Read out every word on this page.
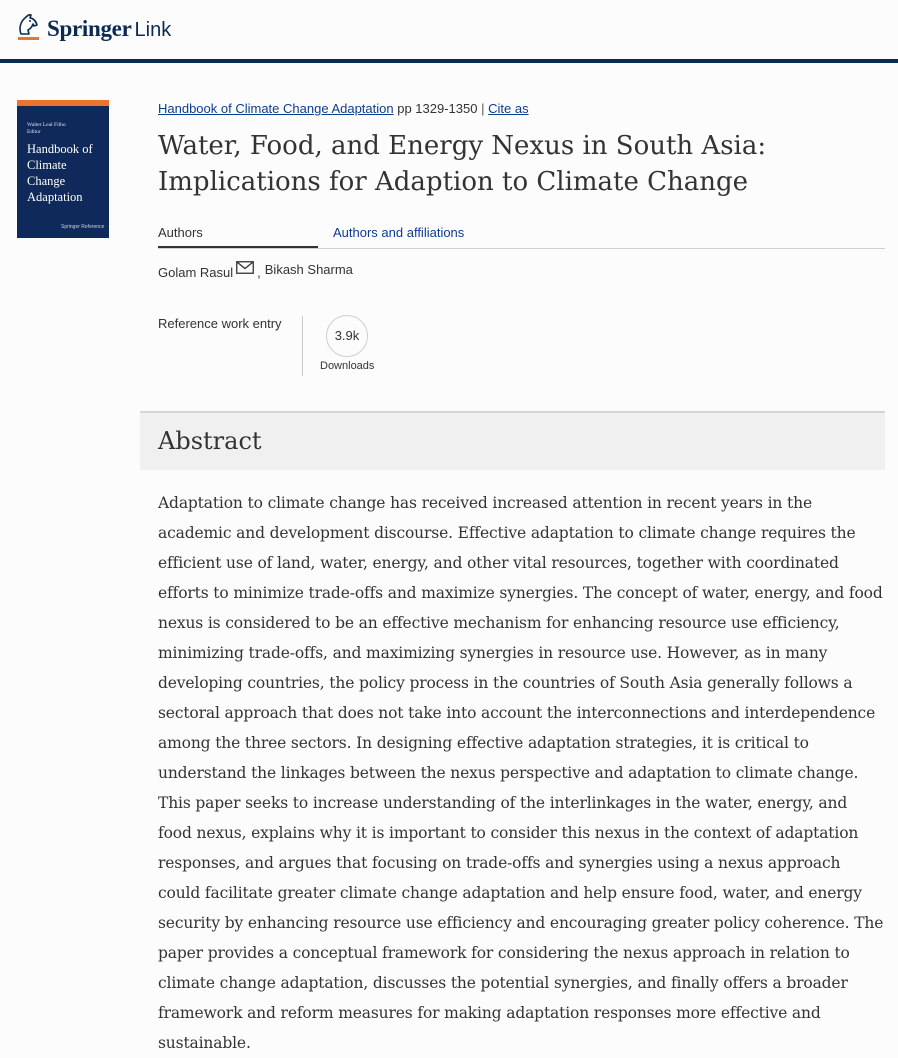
Springer Link
Walter Leal Filho
Editor
Handbook of
Climate
Change
Adaptation
Springer Reference
Handbook of Climate Change Adaptation pp 1329-1350 | Cite as
Water, Food, and Energy Nexus in South Asia:
Implications for Adaption to Climate Change
Authors	Authors and affiliations
Golam Rasul , Bikash Sharma
Reference work entry
3.9k
Downloads
Abstract

Adaptation to climate change has received increased attention in recent years in the academic and development discourse. Effective adaptation to climate change requires the efficient use of land, water, energy, and other vital resources, together with coordinated efforts to minimize trade-offs and maximize synergies. The concept of water, energy, and food nexus is considered to be an effective mechanism for enhancing resource use efficiency, minimizing trade-offs, and maximizing synergies in resource use. However, as in many developing countries, the policy process in the countries of South Asia generally follows a sectoral approach that does not take into account the interconnections and interdependence among the three sectors. In designing effective adaptation strategies, it is critical to understand the linkages between the nexus perspective and adaptation to climate change. This paper seeks to increase understanding of the interlinkages in the water, energy, and food nexus, explains why it is important to consider this nexus in the context of adaptation responses, and argues that focusing on trade-offs and synergies using a nexus approach could facilitate greater climate change adaptation and help ensure food, water, and energy security by enhancing resource use efficiency and encouraging greater policy coherence. The paper provides a conceptual framework for considering the nexus approach in relation to climate change adaptation, discusses the potential synergies, and finally offers a broader framework and reform measures for making adaptation responses more effective and sustainable.
